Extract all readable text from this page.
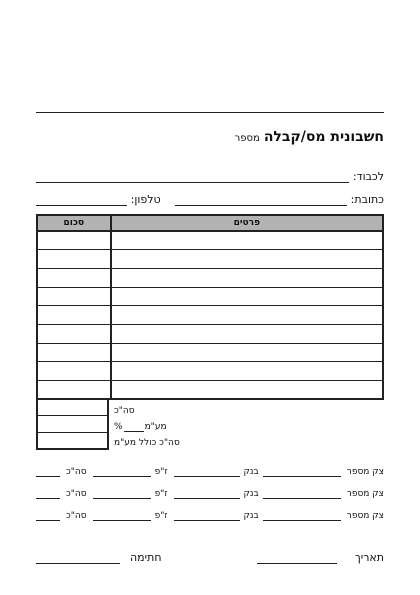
חשבונית מס/קבלה
מספר
לכבוד:
כתובת:
טלפון:
פרטים	סכום

סה"כ
מע"מ
%
סה"כ כולל מע"מ
צק מספר
בנק
ז"פ
סה"כ
צק מספר
בנק
ז"פ
סה"כ
צק מספר
בנק
ז"פ
סה"כ
תאריך
חתימה
